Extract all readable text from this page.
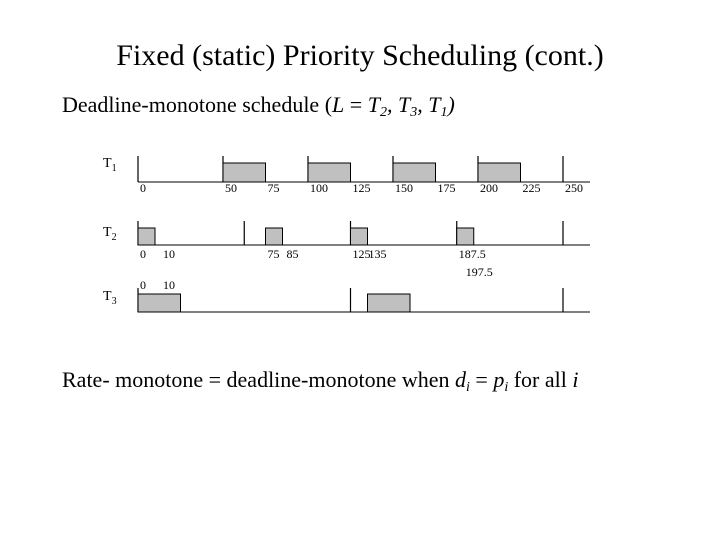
Fixed (static) Priority Scheduling (cont.)
Deadline-monotone schedule ($L = T_2$, $T_3$, $T_1$)
$T_1$
$T_2$
$T_3$
0	50	75	100 125 150 175 200 225 250
0 10	75 85	125
135	187.5
197.5
0 10
Rate- monotone = deadline-monotone when $d_i = p_i$ for all i
